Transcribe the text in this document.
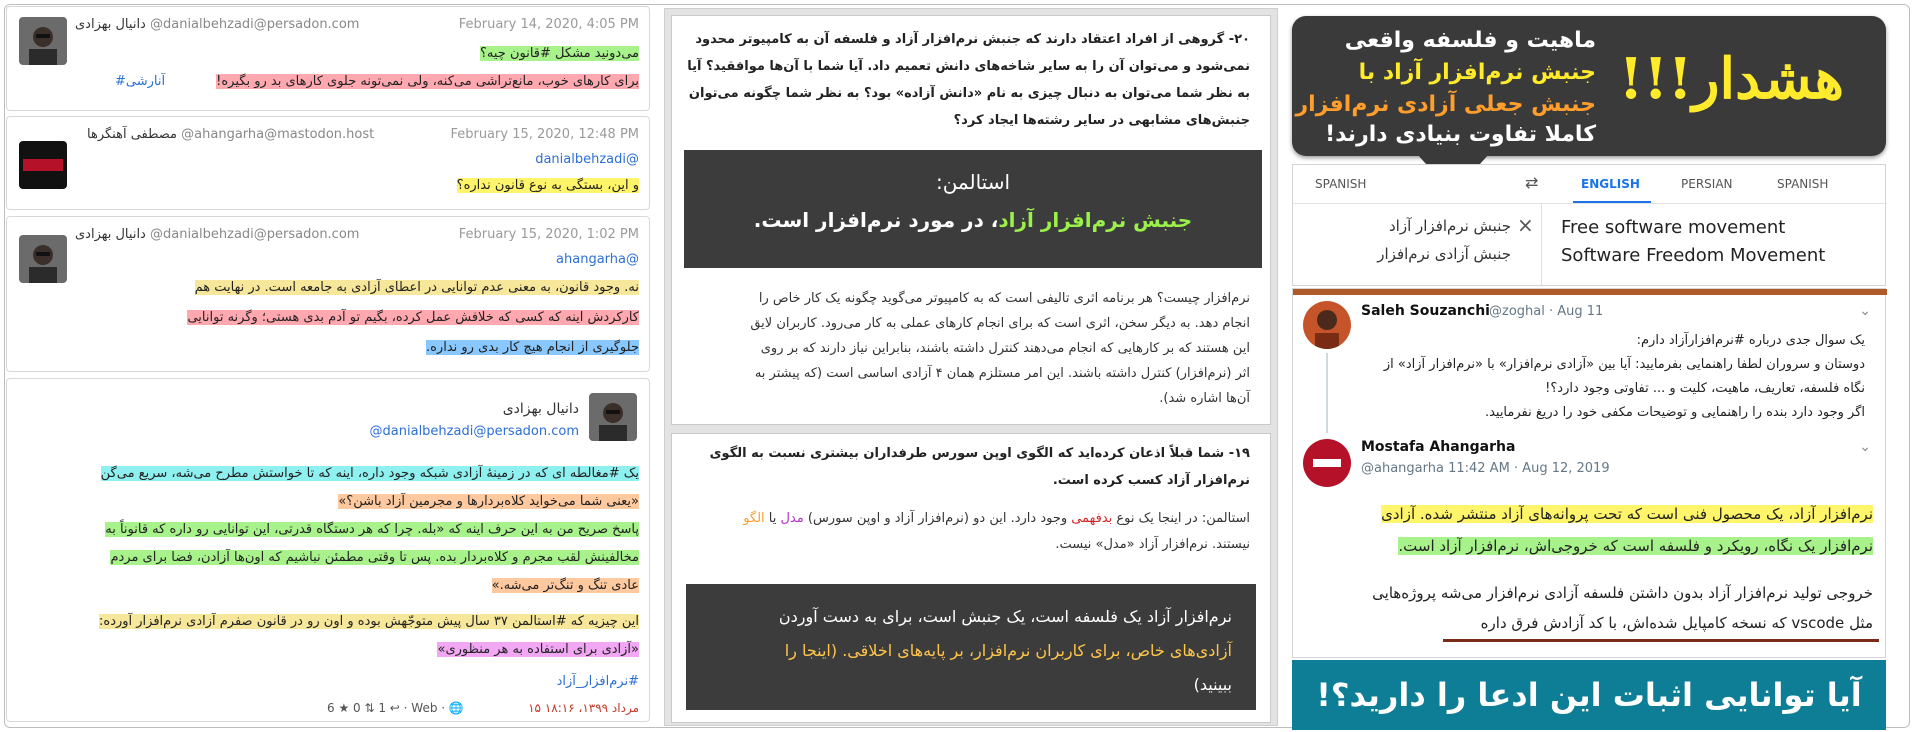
دانیال بهزادی @danialbehzadi@persadon.com	February 14, 2020, 4:05 PM
می‌دونید مشکل #قانون چیه؟
برای کارهای خوب، مانع‌تراشی می‌کنه، ولی نمی‌تونه جلوی کارهای بد رو بگیره!
#آنارشی
مصطفی آهنگرها @ahangarha@mastodon.host	February 15, 2020, 12:48 PM
@danialbehzadi
و این، بستگی به نوع قانون نداره؟
دانیال بهزادی @danialbehzadi@persadon.com	February 15, 2020, 1:02 PM
@ahangarha
نه. وجود قانون، به معنی عدم توانایی در اعطای آزادی به جامعه است. در نهایت هم
کارکردش اینه که کسی که خلافش عمل کرده، بگیم تو آدم بدی هستی؛ وگرنه توانایی
جلوگیری از انجام هیچ کار بدی رو نداره.
دانیال بهزادی
@danialbehzadi@persadon.com
یک #مغالطه ای که در زمینهٔ آزادی شبکه وجود داره، اینه که تا خواستش مطرح می‌شه، سریع می‌گن
«یعنی شما می‌خواید کلاه‌بردارها و مجرمین آزاد باشن؟»
پاسخ صریح من به این حرف اینه که «بله. چرا که هر دستگاه قدرتی، این توانایی رو داره که قانوناً به
مخالفینش لقب مجرم و کلاه‌بردار بده. پس تا وقتی مطمئن نباشیم که اون‌ها آزادن، فضا برای مردم
عادی تنگ و تنگ‌تر می‌شه.»
این چیزیه که #استالمن ۳۷ سال پیش متوجّهش بوده و اون رو در قانون صفرم آزادی نرم‌افزار آورده:
«آزادی برای استفاده به هر منظوری»
#نرم‌افزار_آزاد
۱۵ مرداد ۱۳۹۹، ۱۸:۱۶
6 ★ 0 ⇅ 1 ↩ · Web · 🌐
۲۰- گروهی از افراد اعتقاد دارند که جنبش نرم‌افزار آزاد و فلسفه آن به کامپیوتر محدود
نمی‌شود و می‌توان آن را به سایر شاخه‌های دانش تعمیم داد. آیا شما با آن‌ها موافقید؟ آیا
به نظر شما می‌توان به دنبال چیزی به نام «دانش آزاده» بود؟ به نظر شما چگونه می‌توان
جنبش‌های مشابهی در سایر رشته‌ها ایجاد کرد؟
استالمن:
جنبش نرم‌افزار آزاد، در مورد نرم‌افزار است.
نرم‌افزار چیست؟ هر برنامه اثری تالیفی است که به کامپیوتر می‌گوید چگونه یک کار خاص را
انجام دهد. به دیگر سخن، اثری است که برای انجام کارهای عملی به کار می‌رود. کاربران لایق
این هستند که بر کارهایی که انجام می‌دهند کنترل داشته باشند، بنابراین نیاز دارند که بر روی
اثر (نرم‌افزار) کنترل داشته باشند. این امر مستلزم همان ۴ آزادی اساسی است (که پیشتر به
آن‌ها اشاره شد).
۱۹- شما قبلاً اذعان کرده‌اید که الگوی اوپن سورس طرفداران بیشتری نسبت به الگوی
نرم‌افزار آزاد کسب کرده است.
استالمن: در اینجا یک نوع بدفهمی وجود دارد. این دو (نرم‌افزار آزاد و اوپن سورس) مدل یا الگو
نیستند. نرم‌افزار آزاد «مدل» نیست.
نرم‌افزار آزاد یک فلسفه است، یک جنبش است، برای به دست آوردن
آزادی‌های خاص، برای کاربران نرم‌افزار، بر پایه‌های اخلاقی. (اینجا را
ببینید)
ماهیت و فلسفه واقعی
جنبش نرم‌افزار آزاد با
جنبش جعلی آزادی نرم‌افزار
کاملا تفاوت بنیادی دارند!
هشدار!!!
SPANISH	⇄	ENGLISH	PERSIAN	SPANISH
×
جنبش نرم‌افزار آزاد
جنبش آزادی نرم‌افزار
Free software movement
Software Freedom Movement
Saleh Souzanchi @zoghal · Aug 11	⌄
یک سوال جدی درباره #نرم‌افزارآزاد دارم:
دوستان و سروران لطفا راهنمایی بفرمایید: آیا بین «آزادی نرم‌افزار» با «نرم‌افزار آزاد» از
نگاه فلسفه، تعاریف، ماهیت، کلیت و ... تفاوتی وجود دارد؟!
اگر وجود دارد بنده را راهنمایی و توضیحات مکفی خود را دریغ نفرمایید.
Mostafa Ahangarha
@ahangarha 11:42 AM · Aug 12, 2019
⌄
نرم‌افزار آزاد، یک محصول فنی است که تحت پروانه‌های آزاد منتشر شده. آزادی
نرم‌افزار یک نگاه، رویکرد و فلسفه است که خروجی‌اش، نرم‌افزار آزاد است.
خروجی تولید نرم‌افزار آزاد بدون داشتن فلسفه آزادی نرم‌افزار می‌شه پروژه‌هایی
مثل vscode که نسخه کامپایل شده‌اش، با کد آزادش فرق داره
آیا توانایی اثبات این ادعا را دارید؟!
